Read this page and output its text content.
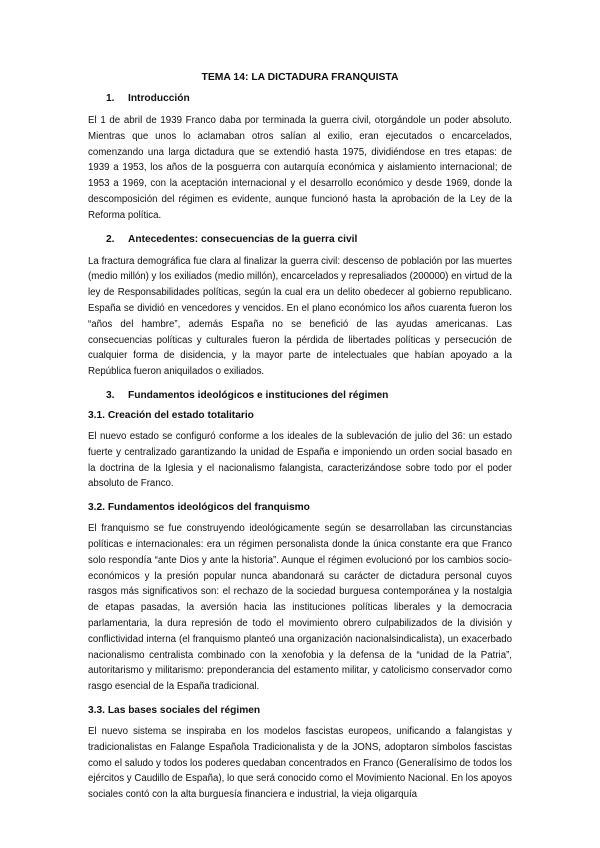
TEMA 14: LA DICTADURA FRANQUISTA
1.	Introducción

El 1 de abril de 1939 Franco daba por terminada la guerra civil, otorgándole un poder absoluto. Mientras que unos lo aclamaban otros salían al exilio, eran ejecutados o encarcelados, comenzando una larga dictadura que se extendió hasta 1975, dividiéndose en tres etapas: de 1939 a 1953, los años de la posguerra con autarquía económica y aislamiento internacional; de 1953 a 1969, con la aceptación internacional y el desarrollo económico y desde 1969, donde la descomposición del régimen es evidente, aunque funcionó hasta la aprobación de la Ley de la Reforma política.

2.	Antecedentes: consecuencias de la guerra civil

La fractura demográfica fue clara al finalizar la guerra civil: descenso de población por las muertes (medio millón) y los exiliados (medio millón), encarcelados y represaliados (200000) en virtud de la ley de Responsabilidades políticas, según la cual era un delito obedecer al gobierno republicano. España se dividió en vencedores y vencidos. En el plano económico los años cuarenta fueron los “años del hambre”, además España no se benefició de las ayudas americanas. Las consecuencias políticas y culturales fueron la pérdida de libertades políticas y persecución de cualquier forma de disidencia, y la mayor parte de intelectuales que habían apoyado a la República fueron aniquilados o exiliados.

3.	Fundamentos ideológicos e instituciones del régimen
3.1. Creación del estado totalitario

El nuevo estado se configuró conforme a los ideales de la sublevación de julio del 36: un estado fuerte y centralizado garantizando la unidad de España e imponiendo un orden social basado en la doctrina de la Iglesia y el nacionalismo falangista, caracterizándose sobre todo por el poder absoluto de Franco.

3.2. Fundamentos ideológicos del franquismo

El franquismo se fue construyendo ideológicamente según se desarrollaban las circunstancias políticas e internacionales: era un régimen personalista donde la única constante era que Franco solo respondía “ante Dios y ante la historia”. Aunque el régimen evolucionó por los cambios socio-económicos y la presión popular nunca abandonará su carácter de dictadura personal cuyos rasgos más significativos son: el rechazo de la sociedad burguesa contemporánea y la nostalgia de etapas pasadas, la aversión hacia las instituciones políticas liberales y la democracia parlamentaria, la dura represión de todo el movimiento obrero culpabilizados de la división y conflictividad interna (el franquismo planteó una organización nacionalsindicalista), un exacerbado nacionalismo centralista combinado con la xenofobia y la defensa de la “unidad de la Patria”, autoritarismo y militarismo: preponderancia del estamento militar, y catolicismo conservador como rasgo esencial de la España tradicional.

3.3. Las bases sociales del régimen

El nuevo sistema se inspiraba en los modelos fascistas europeos, unificando a falangistas y tradicionalistas en Falange Española Tradicionalista y de la JONS, adoptaron símbolos fascistas como el saludo y todos los poderes quedaban concentrados en Franco (Generalísimo de todos los ejércitos y Caudillo de España), lo que será conocido como el Movimiento Nacional. En los apoyos sociales contó con la alta burguesía financiera e industrial, la vieja oligarquía
